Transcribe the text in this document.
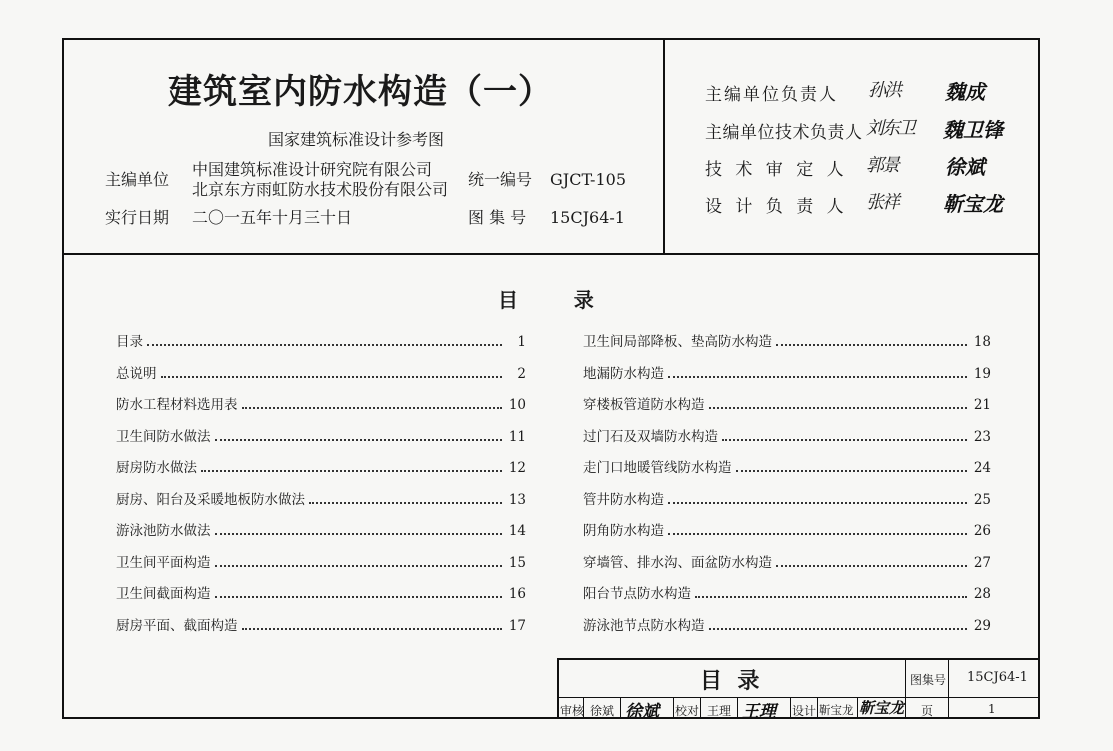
建筑室内防水构造（一）
国家建筑标准设计参考图
主编单位
中国建筑标准设计研究院有限公司
北京东方雨虹防水技术股份有限公司
统一编号 GJCT-105
实行日期 二〇一五年十月三十日	图 集 号 15CJ64-1
主编单位负责人 孙洪 魏成
主编单位技术负责人 刘东卫 魏卫锋
技 术 审 定 人 郭景 徐斌
设 计 负 责 人 张祥 靳宝龙
目        录
目录	1
总说明	2
防水工程材料选用表	10
卫生间防水做法	11
厨房防水做法	12
厨房、阳台及采暖地板防水做法	13
游泳池防水做法	14
卫生间平面构造	15
卫生间截面构造	16
厨房平面、截面构造	17
卫生间局部降板、垫高防水构造	18
地漏防水构造	19
穿楼板管道防水构造	21
过门石及双墙防水构造	23
走门口地暖管线防水构造	24
管井防水构造	25
阴角防水构造	26
穿墙管、排水沟、面盆防水构造	27
阳台节点防水构造	28
游泳池节点防水构造	29
目  录	图集号 15CJ64-1
审核 徐斌 徐斌 校对 王理 王理 设计 靳宝龙 靳宝龙 页	1
